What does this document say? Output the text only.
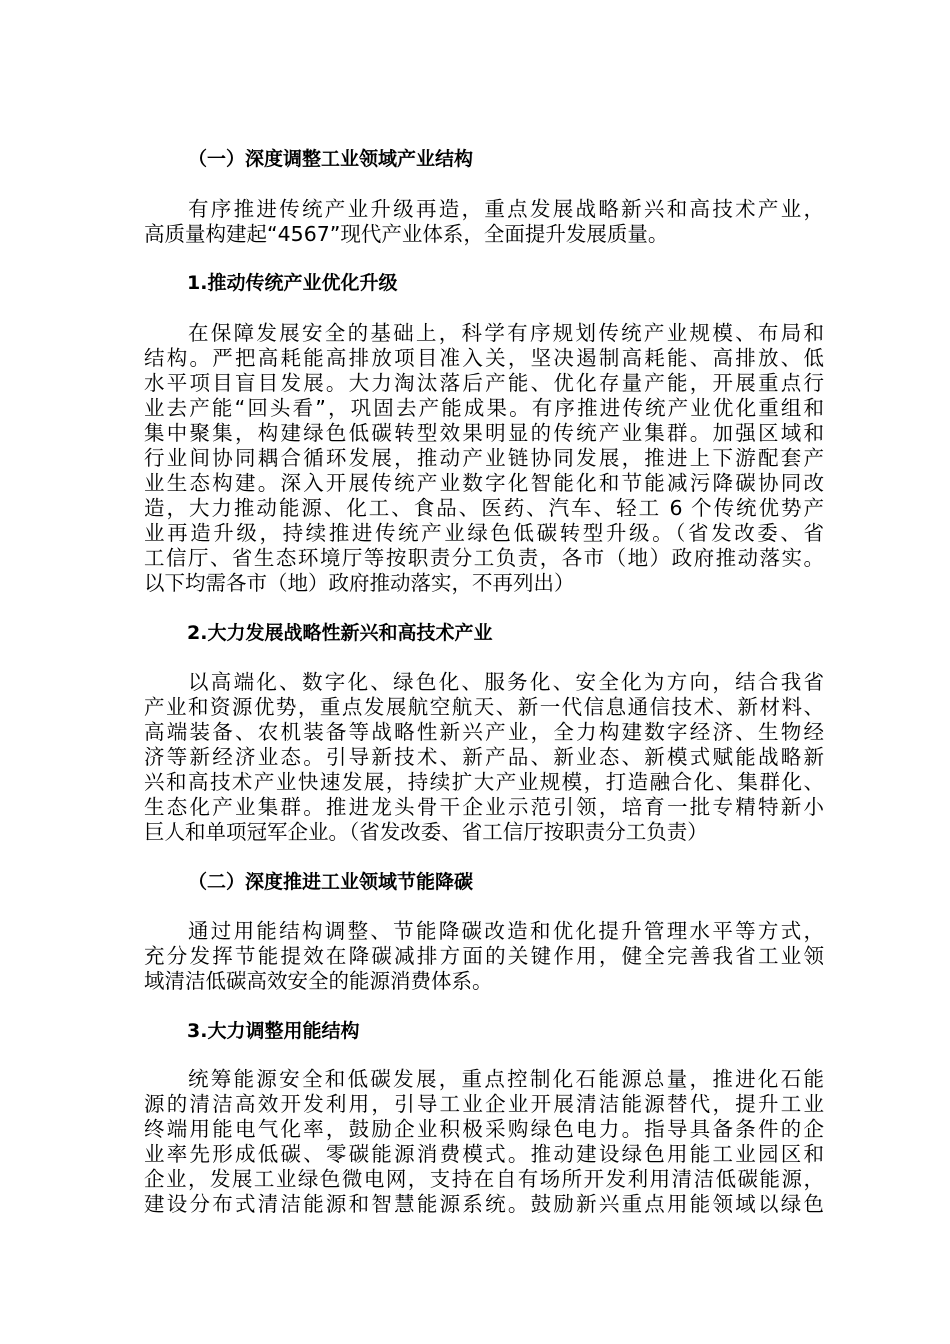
（一）深度调整工业领域产业结构

有序推进传统产业升级再造，重点发展战略新兴和高技术产业，
高质量构建起“4567”现代产业体系，全面提升发展质量。

1.推动传统产业优化升级

在保障发展安全的基础上，科学有序规划传统产业规模、布局和
结构。严把高耗能高排放项目准入关，坚决遏制高耗能、高排放、低
水平项目盲目发展。大力淘汰落后产能、优化存量产能，开展重点行
业去产能“回头看”，巩固去产能成果。有序推进传统产业优化重组和
集中聚集，构建绿色低碳转型效果明显的传统产业集群。加强区域和
行业间协同耦合循环发展，推动产业链协同发展，推进上下游配套产
业生态构建。深入开展传统产业数字化智能化和节能减污降碳协同改
造，大力推动能源、化工、食品、医药、汽车、轻工 6 个传统优势产
业再造升级，持续推进传统产业绿色低碳转型升级。（省发改委、省
工信厅、省生态环境厅等按职责分工负责，各市（地）政府推动落实。
以下均需各市（地）政府推动落实，不再列出）

2.大力发展战略性新兴和高技术产业

以高端化、数字化、绿色化、服务化、安全化为方向，结合我省
产业和资源优势，重点发展航空航天、新一代信息通信技术、新材料、
高端装备、农机装备等战略性新兴产业，全力构建数字经济、生物经
济等新经济业态。引导新技术、新产品、新业态、新模式赋能战略新
兴和高技术产业快速发展，持续扩大产业规模，打造融合化、集群化、
生态化产业集群。推进龙头骨干企业示范引领，培育一批专精特新小
巨人和单项冠军企业。（省发改委、省工信厅按职责分工负责）

（二）深度推进工业领域节能降碳

通过用能结构调整、节能降碳改造和优化提升管理水平等方式，
充分发挥节能提效在降碳减排方面的关键作用，健全完善我省工业领
域清洁低碳高效安全的能源消费体系。

3.大力调整用能结构

统筹能源安全和低碳发展，重点控制化石能源总量，推进化石能
源的清洁高效开发利用，引导工业企业开展清洁能源替代，提升工业
终端用能电气化率，鼓励企业积极采购绿色电力。指导具备条件的企
业率先形成低碳、零碳能源消费模式。推动建设绿色用能工业园区和
企业，发展工业绿色微电网，支持在自有场所开发利用清洁低碳能源，
建设分布式清洁能源和智慧能源系统。鼓励新兴重点用能领域以绿色
